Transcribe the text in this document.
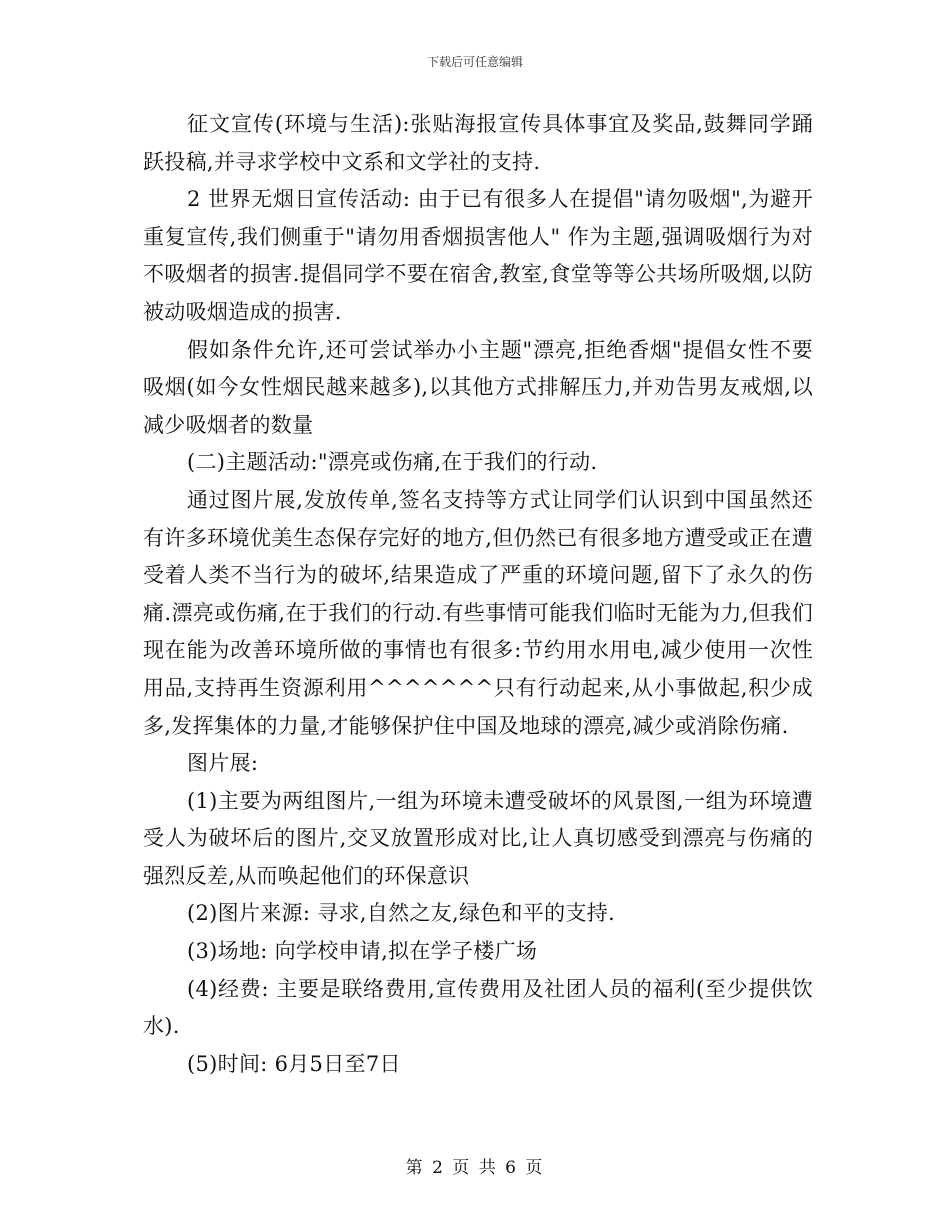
下载后可任意编辑

征文宣传(环境与生活):张贴海报宣传具体事宜及奖品,鼓舞同学踊跃投稿,并寻求学校中文系和文学社的支持.

2 世界无烟日宣传活动: 由于已有很多人在提倡"请勿吸烟",为避开重复宣传,我们侧重于"请勿用香烟损害他人" 作为主题,强调吸烟行为对不吸烟者的损害.提倡同学不要在宿舍,教室,食堂等等公共场所吸烟,以防被动吸烟造成的损害.

假如条件允许,还可尝试举办小主题"漂亮,拒绝香烟"提倡女性不要吸烟(如今女性烟民越来越多),以其他方式排解压力,并劝告男友戒烟,以减少吸烟者的数量

(二)主题活动:"漂亮或伤痛,在于我们的行动.

通过图片展,发放传单,签名支持等方式让同学们认识到中国虽然还有许多环境优美生态保存完好的地方,但仍然已有很多地方遭受或正在遭受着人类不当行为的破坏,结果造成了严重的环境问题,留下了永久的伤痛.漂亮或伤痛,在于我们的行动.有些事情可能我们临时无能为力,但我们现在能为改善环境所做的事情也有很多:节约用水用电,减少使用一次性用品,支持再生资源利用^^^^^^^只有行动起来,从小事做起,积少成多,发挥集体的力量,才能够保护住中国及地球的漂亮,减少或消除伤痛.

图片展:

(1)主要为两组图片,一组为环境未遭受破坏的风景图,一组为环境遭受人为破坏后的图片,交叉放置形成对比,让人真切感受到漂亮与伤痛的强烈反差,从而唤起他们的环保意识

(2)图片来源: 寻求,自然之友,绿色和平的支持.

(3)场地: 向学校申请,拟在学子楼广场

(4)经费: 主要是联络费用,宣传费用及社团人员的福利(至少提供饮水).

(5)时间: 6月5日至7日

第 2 页 共 6 页
